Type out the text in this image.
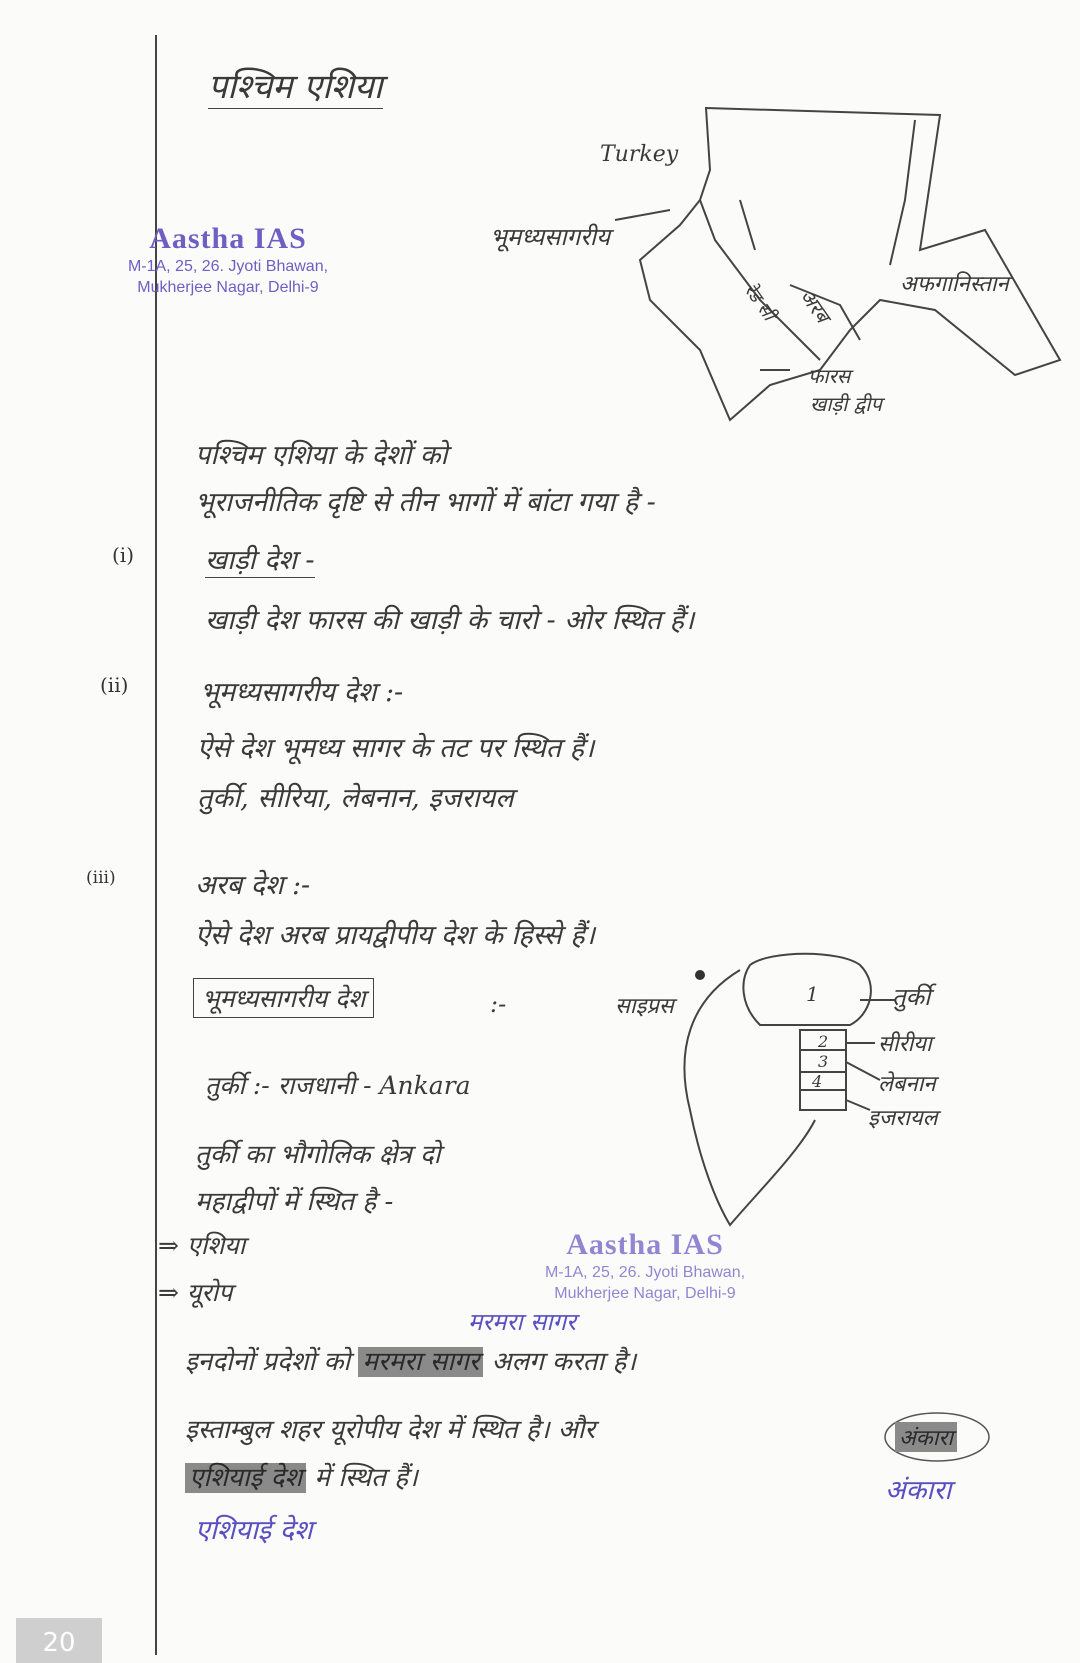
पश्चिम एशिया
Aastha IAS
M-1A, 25, 26. Jyoti Bhawan,
Mukherjee Nagar, Delhi-9
Turkey
भूमध्यसागरीय
रेड सी अरब
अफगानिस्तान
फारस
खाड़ी द्वीप
पश्चिम एशिया के देशों को
भूराजनीतिक दृष्टि से तीन भागों में बांटा गया है -
(i)	खाड़ी देश -
खाड़ी देश फारस की खाड़ी के चारो - ओर स्थित हैं।
(ii)	भूमध्यसागरीय देश :-
ऐसे देश भूमध्य सागर के तट पर स्थित हैं।
तुर्की, सीरिया, लेबनान, इजरायल
(iii)	अरब देश :-
ऐसे देश अरब प्रायद्वीपीय देश के हिस्से हैं।
भूमध्यसागरीय देश	:-	साइप्रस	1
2
3
4
तुर्की
सीरीया
लेबनान
इजरायल
तुर्की :- राजधानी - Ankara
तुर्की का भौगोलिक क्षेत्र दो
महाद्वीपों में स्थित है -
⇒ एशिया
⇒ यूरोप
Aastha IAS
M-1A, 25, 26. Jyoti Bhawan,
Mukherjee Nagar, Delhi-9
मरमरा सागर
इनदोनों प्रदेशों को मरमरा सागर अलग करता है।
इस्ताम्बुल शहर यूरोपीय देश में स्थित है। और	अंकारा
एशियाई देश में स्थित हैं।	अंकारा
एशियाई देश
20
